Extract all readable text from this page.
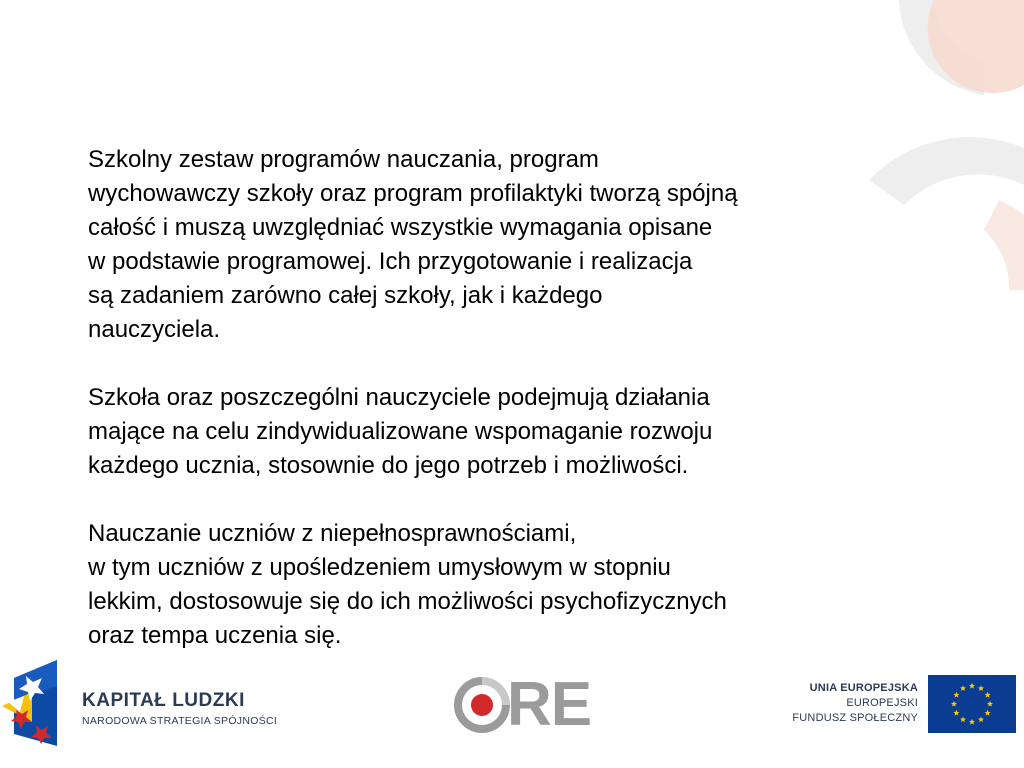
Szkolny zestaw programów nauczania, program
wychowawczy szkoły oraz program profilaktyki tworzą spójną
całość i muszą uwzględniać wszystkie wymagania opisane
w podstawie programowej. Ich przygotowanie i realizacja
są zadaniem zarówno całej szkoły, jak i każdego
nauczyciela.

Szkoła oraz poszczególni nauczyciele podejmują działania
mające na celu zindywidualizowane wspomaganie rozwoju
każdego ucznia, stosownie do jego potrzeb i możliwości.

Nauczanie uczniów z niepełnosprawnościami,
w tym uczniów z upośledzeniem umysłowym w stopniu
lekkim, dostosowuje się do ich możliwości psychofizycznych
oraz tempa uczenia się.

KAPITAŁ LUDZKI
NARODOWA STRATEGIA SPÓJNOŚCI	RE	UNIA EUROPEJSKA
EUROPEJSKI
FUNDUSZ SPOŁECZNY
